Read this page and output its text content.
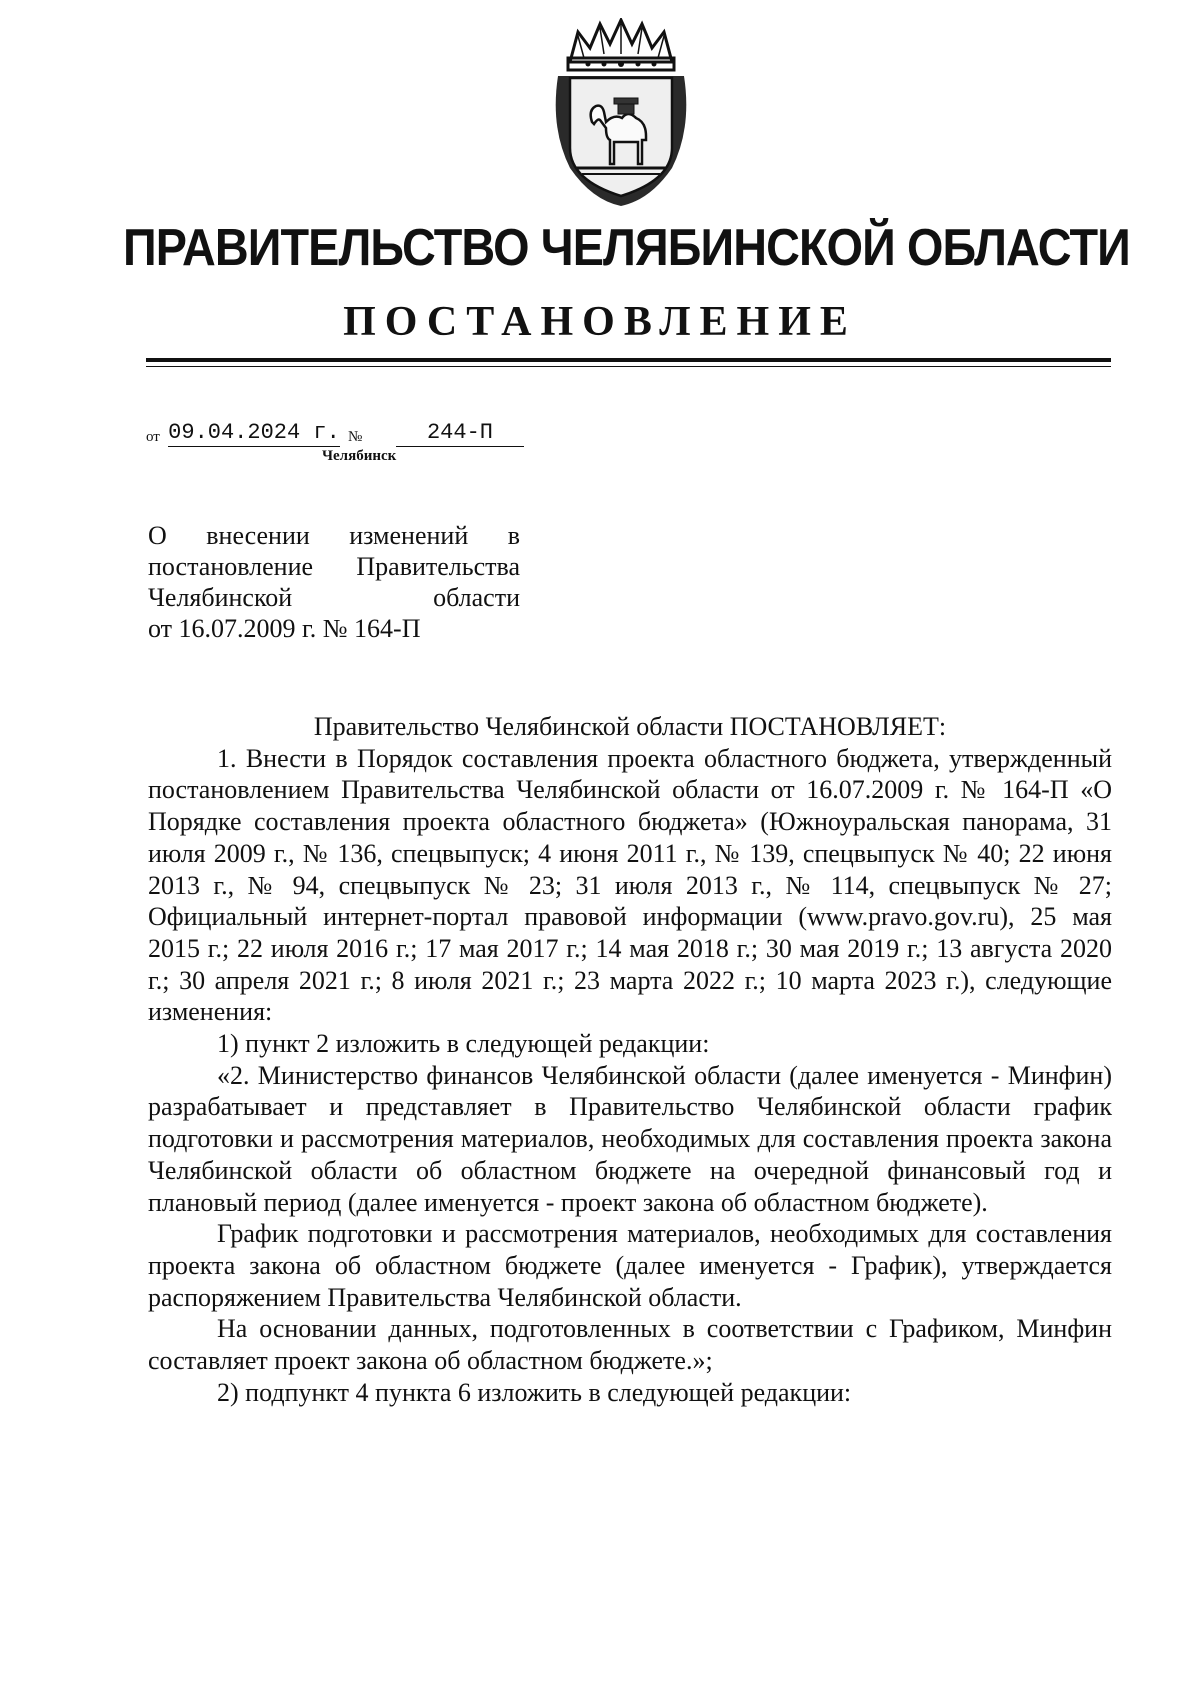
ПРАВИТЕЛЬСТВО ЧЕЛЯБИНСКОЙ ОБЛАСТИ
ПОСТАНОВЛЕНИЕ
от 09.04.2024 г. №	244-П
Челябинск
О внесении изменений в
постановление Правительства
Челябинской области
от 16.07.2009 г. № 164-П

Правительство Челябинской области ПОСТАНОВЛЯЕТ:

1. Внести в Порядок составления проекта областного бюджета, утвержденный постановлением Правительства Челябинской области от 16.07.2009 г. № 164-П «О Порядке составления проекта областного бюджета» (Южноуральская панорама, 31 июля 2009 г., № 136, спецвыпуск; 4 июня 2011 г., № 139, спецвыпуск № 40; 22 июня 2013 г., № 94, спецвыпуск № 23; 31 июля 2013 г., № 114, спецвыпуск № 27; Официальный интернет-портал правовой информации (www.pravo.gov.ru), 25 мая 2015 г.; 22 июля 2016 г.; 17 мая 2017 г.; 14 мая 2018 г.; 30 мая 2019 г.; 13 августа 2020 г.; 30 апреля 2021 г.; 8 июля 2021 г.; 23 марта 2022 г.; 10 марта 2023 г.), следующие изменения:

1) пункт 2 изложить в следующей редакции:

«2. Министерство финансов Челябинской области (далее именуется - Минфин) разрабатывает и представляет в Правительство Челябинской области график подготовки и рассмотрения материалов, необходимых для составления проекта закона Челябинской области об областном бюджете на очередной финансовый год и плановый период (далее именуется - проект закона об областном бюджете).

График подготовки и рассмотрения материалов, необходимых для составления проекта закона об областном бюджете (далее именуется - График), утверждается распоряжением Правительства Челябинской области.

На основании данных, подготовленных в соответствии с Графиком, Минфин составляет проект закона об областном бюджете.»;

2) подпункт 4 пункта 6 изложить в следующей редакции:
